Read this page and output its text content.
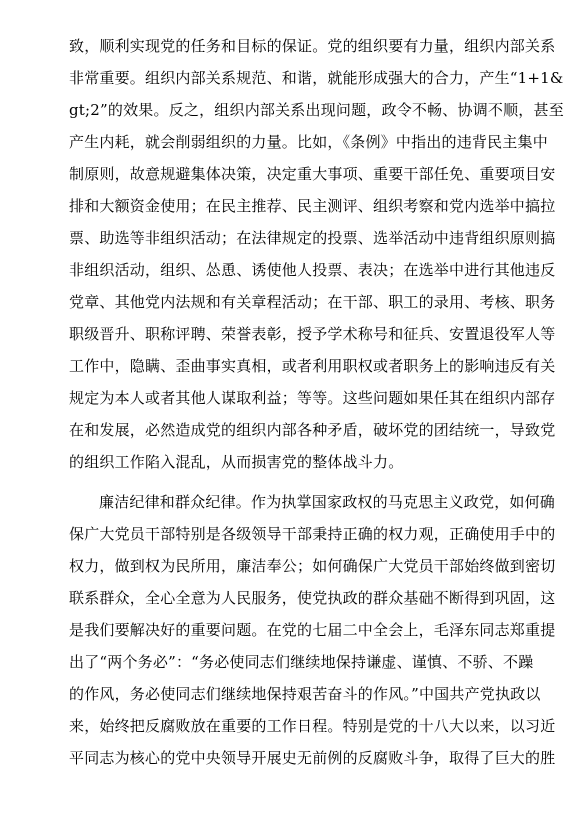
致，顺利实现党的任务和目标的保证。党的组织要有力量，组织内部关系
非常重要。组织内部关系规范、和谐，就能形成强大的合力，产生“1+1&
gt;2”的效果。反之，组织内部关系出现问题，政令不畅、协调不顺，甚至
产生内耗，就会削弱组织的力量。比如，《条例》中指出的违背民主集中
制原则，故意规避集体决策，决定重大事项、重要干部任免、重要项目安
排和大额资金使用；在民主推荐、民主测评、组织考察和党内选举中搞拉
票、助选等非组织活动；在法律规定的投票、选举活动中违背组织原则搞
非组织活动，组织、怂恿、诱使他人投票、表决；在选举中进行其他违反
党章、其他党内法规和有关章程活动；在干部、职工的录用、考核、职务
职级晋升、职称评聘、荣誉表彰，授予学术称号和征兵、安置退役军人等
工作中，隐瞒、歪曲事实真相，或者利用职权或者职务上的影响违反有关
规定为本人或者其他人谋取利益；等等。这些问题如果任其在组织内部存
在和发展，必然造成党的组织内部各种矛盾，破坏党的团结统一，导致党
的组织工作陷入混乱，从而损害党的整体战斗力。
廉洁纪律和群众纪律。作为执掌国家政权的马克思主义政党，如何确
保广大党员干部特别是各级领导干部秉持正确的权力观，正确使用手中的
权力，做到权为民所用，廉洁奉公；如何确保广大党员干部始终做到密切
联系群众，全心全意为人民服务，使党执政的群众基础不断得到巩固，这
是我们要解决好的重要问题。在党的七届二中全会上，毛泽东同志郑重提
出了“两个务必”：“务必使同志们继续地保持谦虚、谨慎、不骄、不躁
的作风，务必使同志们继续地保持艰苦奋斗的作风。”中国共产党执政以
来，始终把反腐败放在重要的工作日程。特别是党的十八大以来，以习近
平同志为核心的党中央领导开展史无前例的反腐败斗争，取得了巨大的胜
